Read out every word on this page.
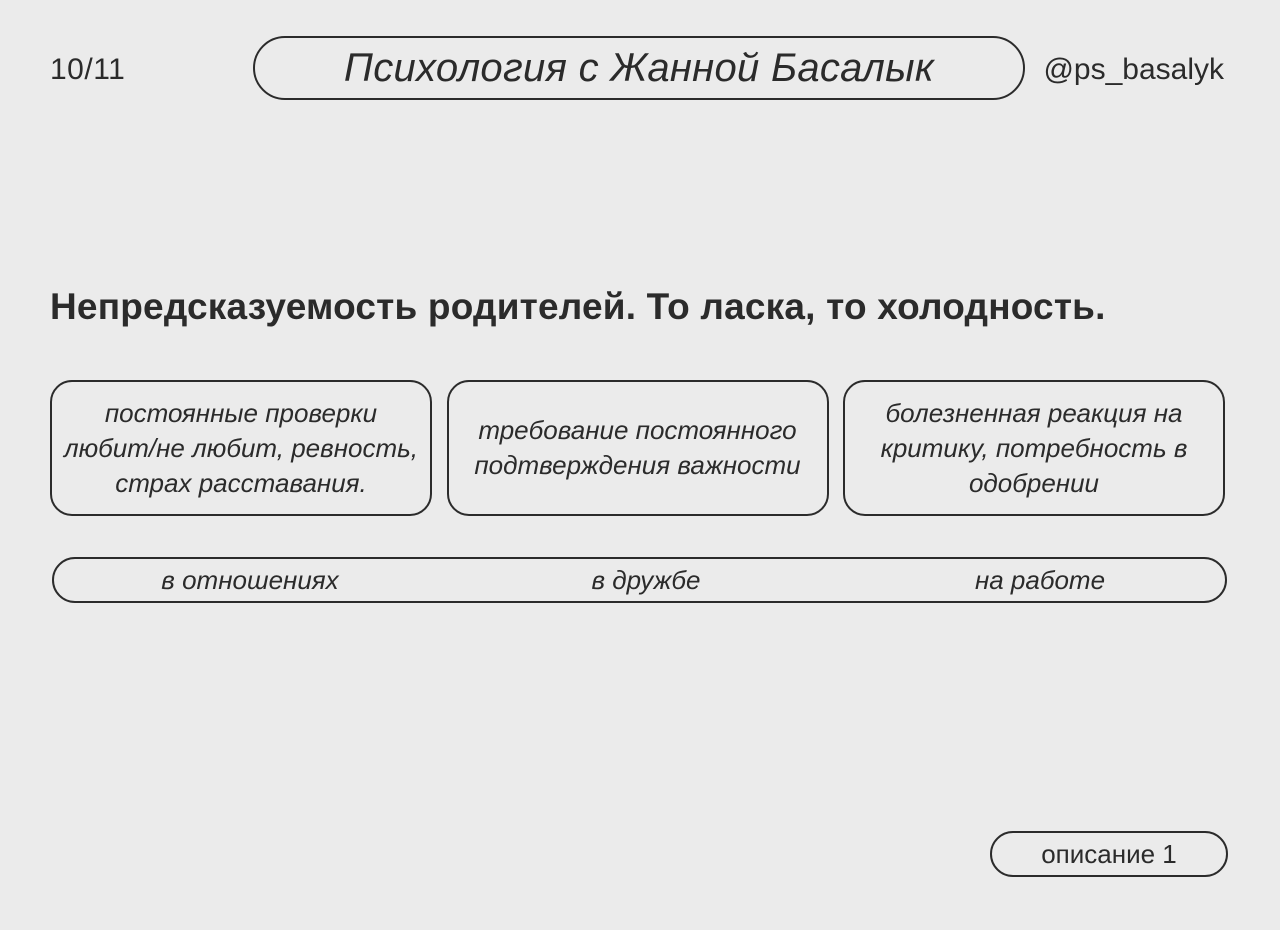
10/11	Психология с Жанной Басалык	@ps_basalyk
Непредсказуемость родителей. То ласка, то холодность.
постоянные проверки любит/не любит, ревность, страх расставания.
требование постоянного подтверждения важности
болезненная реакция на критику, потребность в одобрении
в отношениях	в дружбе	на работе
описание 1
